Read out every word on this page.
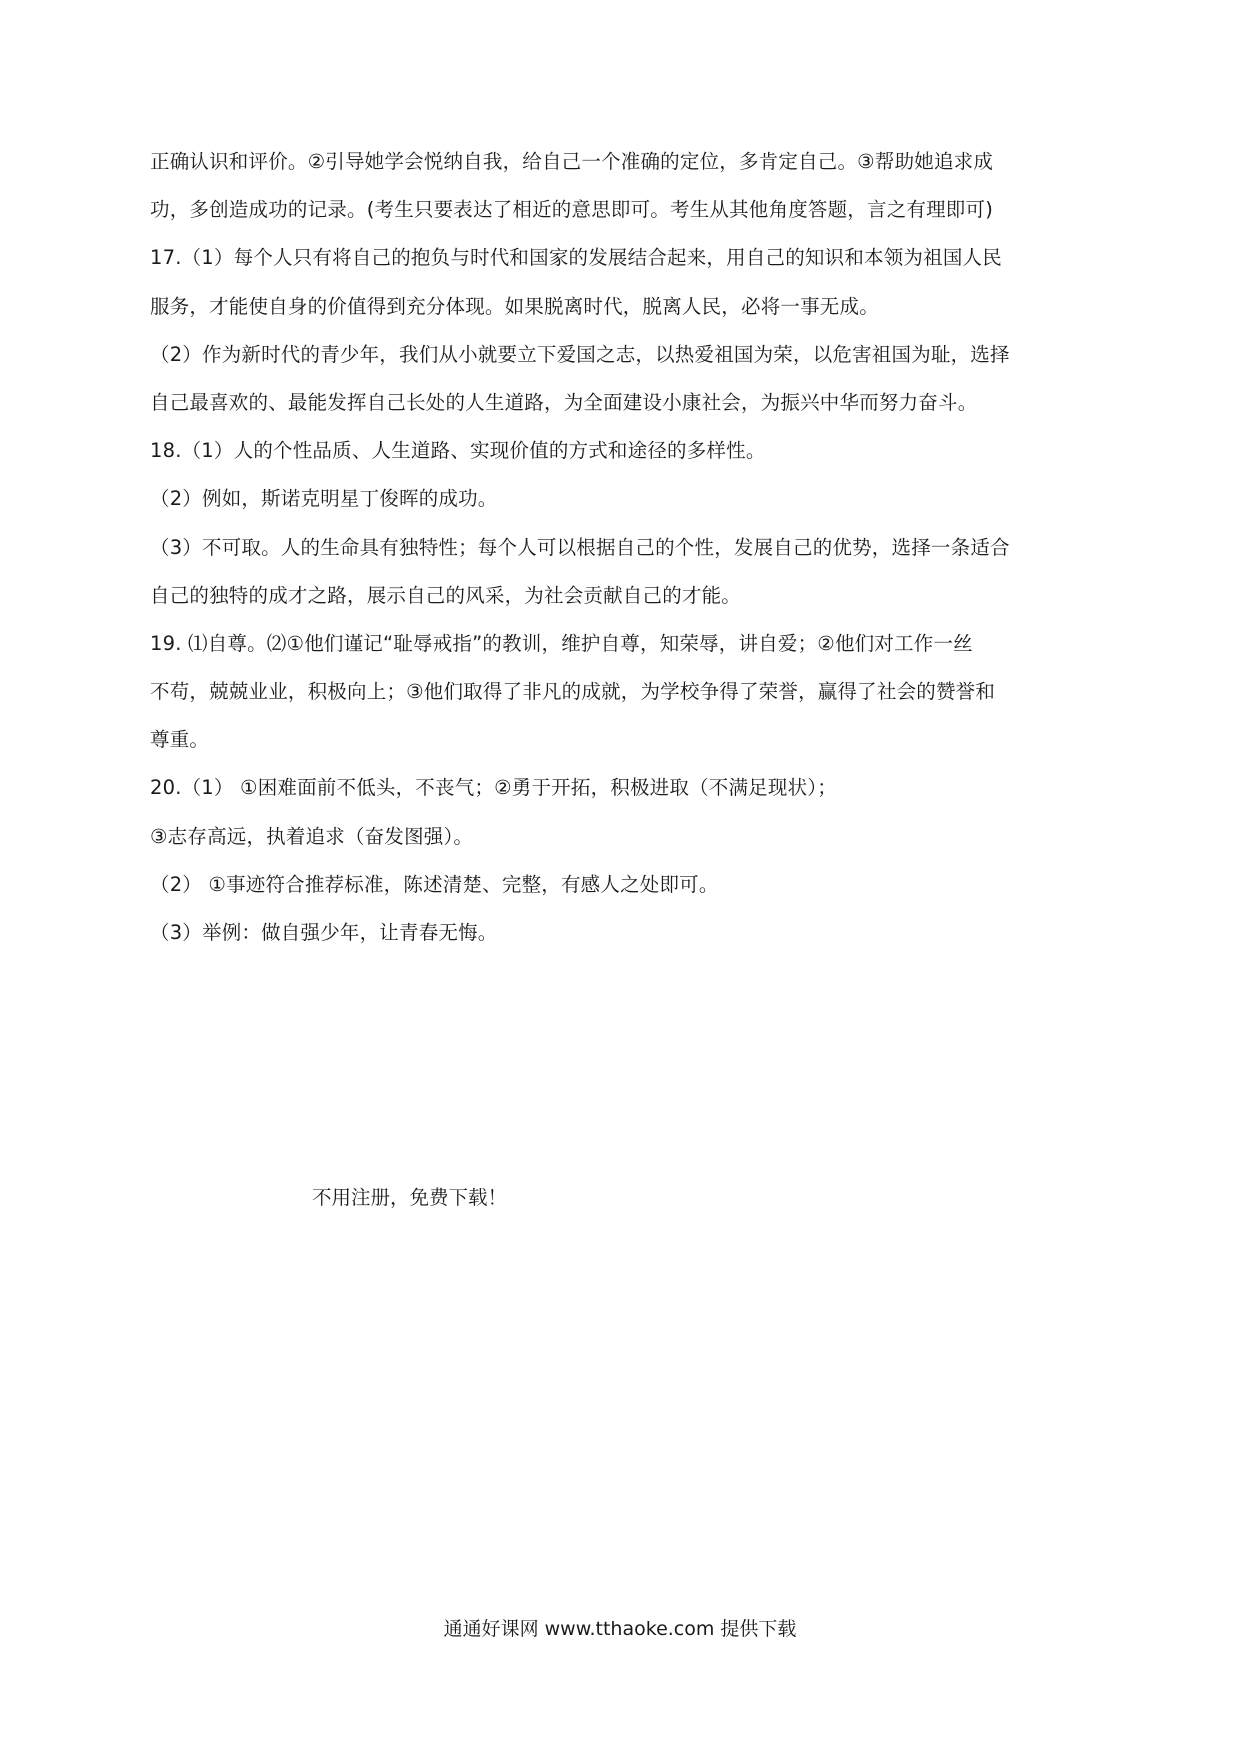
正确认识和评价。②引导她学会悦纳自我，给自己一个准确的定位，多肯定自己。③帮助她追求成
功，多创造成功的记录。(考生只要表达了相近的意思即可。考生从其他角度答题，言之有理即可)
17.（1）每个人只有将自己的抱负与时代和国家的发展结合起来，用自己的知识和本领为祖国人民
服务，才能使自身的价值得到充分体现。如果脱离时代，脱离人民，必将一事无成。
（2）作为新时代的青少年，我们从小就要立下爱国之志，以热爱祖国为荣，以危害祖国为耻，选择
自己最喜欢的、最能发挥自己长处的人生道路，为全面建设小康社会，为振兴中华而努力奋斗。
18.（1）人的个性品质、人生道路、实现价值的方式和途径的多样性。
（2）例如，斯诺克明星丁俊晖的成功。
（3）不可取。人的生命具有独特性；每个人可以根据自己的个性，发展自己的优势，选择一条适合
自己的独特的成才之路，展示自己的风采，为社会贡献自己的才能。
19. ⑴自尊。⑵①他们谨记“耻辱戒指”的教训，维护自尊，知荣辱，讲自爱；②他们对工作一丝
不苟，兢兢业业，积极向上；③他们取得了非凡的成就，为学校争得了荣誉，赢得了社会的赞誉和
尊重。
20.（1） ①困难面前不低头，不丧气；②勇于开拓，积极进取（不满足现状）；
③志存高远，执着追求（奋发图强）。
（2） ①事迹符合推荐标准，陈述清楚、完整，有感人之处即可。
（3）举例：做自强少年，让青春无悔。
不用注册，免费下载！
通通好课网 www.tthaoke.com 提供下载
